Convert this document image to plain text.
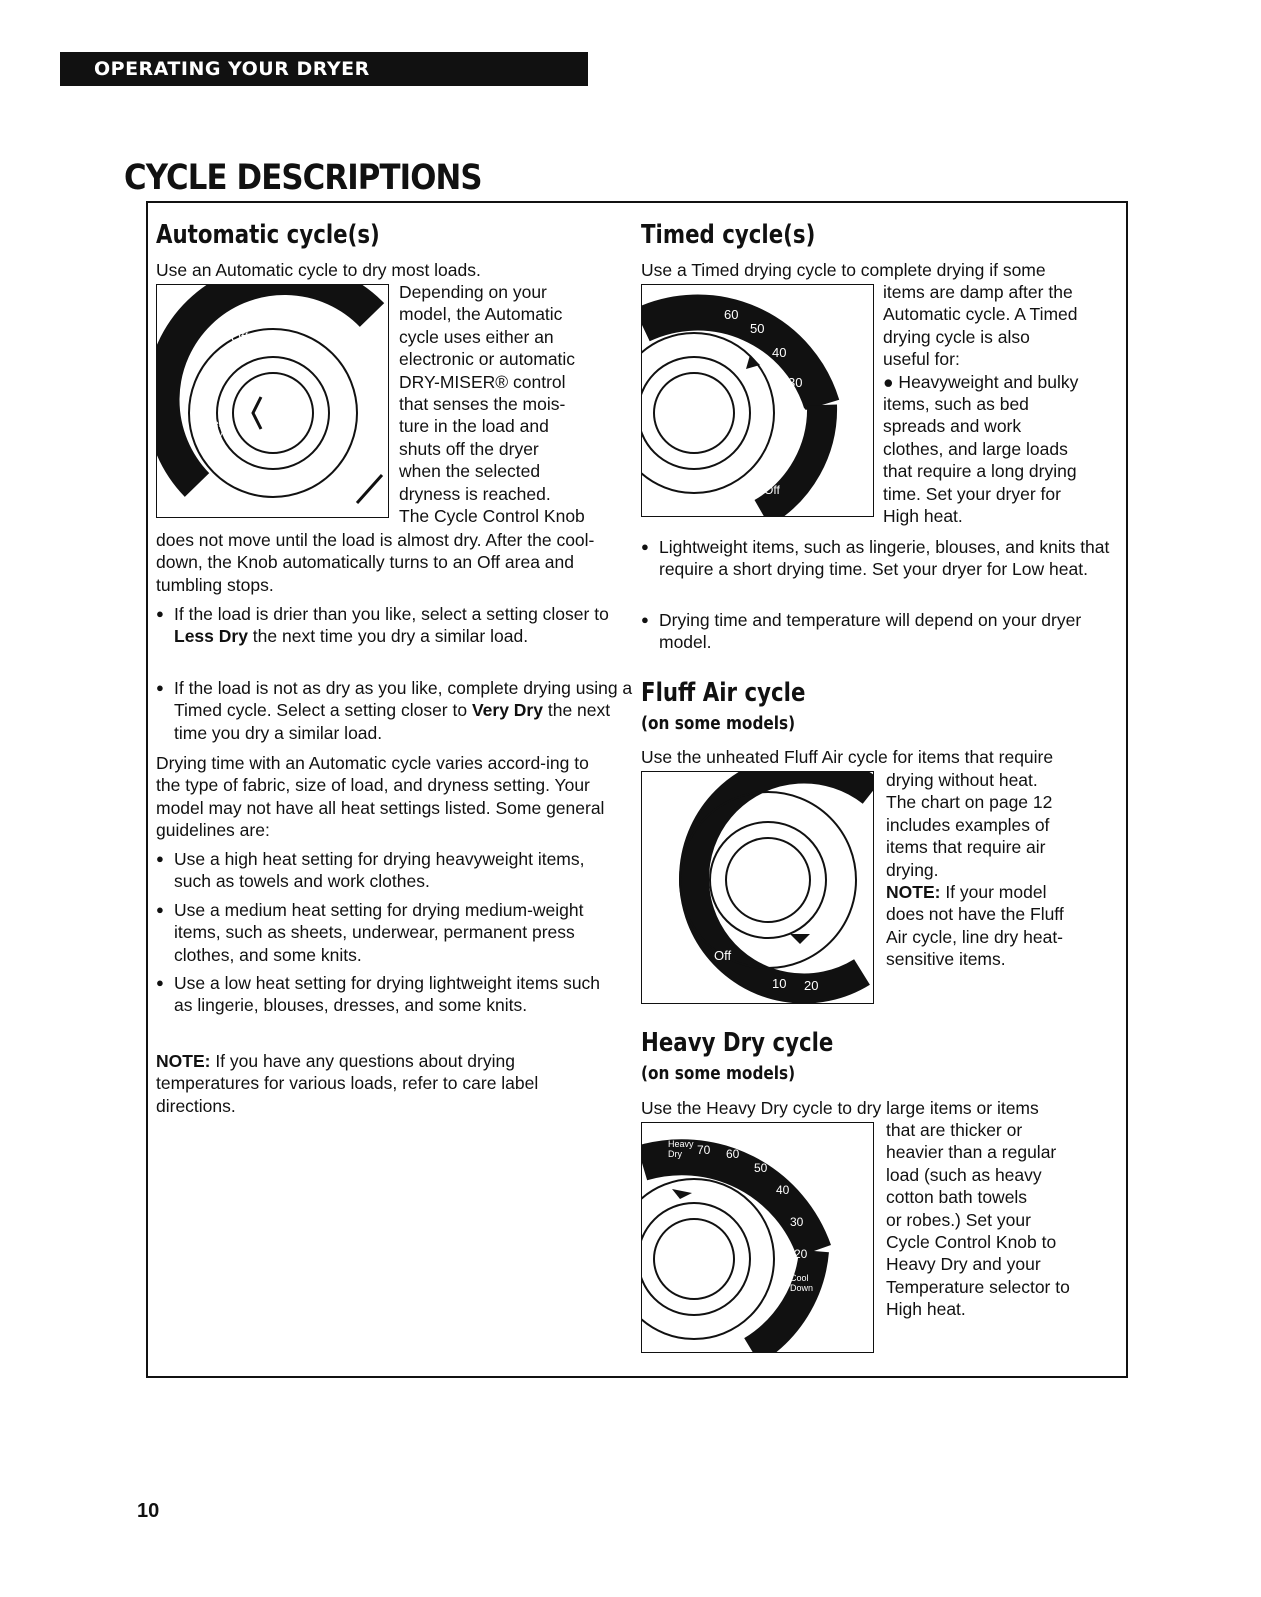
OPERATING YOUR DRYER
CYCLE DESCRIPTIONS
Automatic cycle(s)

Use an Automatic cycle to dry most loads.

Off
Less Dry
*
Very Dry

Depending on your

model, the Automatic

cycle uses either an

electronic or automatic

DRY-MISER® control

that senses the mois-

ture in the load and

shuts off the dryer

when the selected

dryness is reached.

The Cycle Control Knob

does not move until the load is almost dry. After the cool-down, the Knob automatically turns to an Off area and tumbling stops.

● If the load is drier than you like, select a setting closer to Less Dry the next time you dry a similar load.

● If the load is not as dry as you like, complete drying using a Timed cycle. Select a setting closer to Very Dry the next time you dry a similar load.

Drying time with an Automatic cycle varies accord-ing to the type of fabric, size of load, and dryness setting. Your model may not have all heat settings listed. Some general guidelines are:

● Use a high heat setting for drying heavyweight items, such as towels and work clothes.

● Use a medium heat setting for drying medium-weight items, such as sheets, underwear, permanent press clothes, and some knits.

● Use a low heat setting for drying lightweight items such as lingerie, blouses, dresses, and some knits.

NOTE: If you have any questions about drying temperatures for various loads, refer to care label directions.

Timed cycle(s)

Use a Timed drying cycle to complete drying if some

60
50
40
30
20
Off

items are damp after the

Automatic cycle. A Timed

drying cycle is also

useful for:

● Heavyweight and bulky

items, such as bed

spreads and work

clothes, and large loads

that require a long drying

time. Set your dryer for

High heat.

● Lightweight items, such as lingerie, blouses, and knits that require a short drying time. Set your dryer for Low heat.

● Drying time and temperature will depend on your dryer model.

Fluff Air cycle
(on some models)

Use the unheated Fluff Air cycle for items that require

Off
10 20

drying without heat.

The chart on page 12

includes examples of

items that require air

drying.

NOTE: If your model

does not have the Fluff

Air cycle, line dry heat-

sensitive items.

Heavy Dry cycle
(on some models)

Use the Heavy Dry cycle to dry large items or items

Heavy Dry	70 60
50
40
30
20
Cool Down

that are thicker or

heavier than a regular

load (such as heavy

cotton bath towels

or robes.) Set your

Cycle Control Knob to

Heavy Dry and your

Temperature selector to

High heat.

10
